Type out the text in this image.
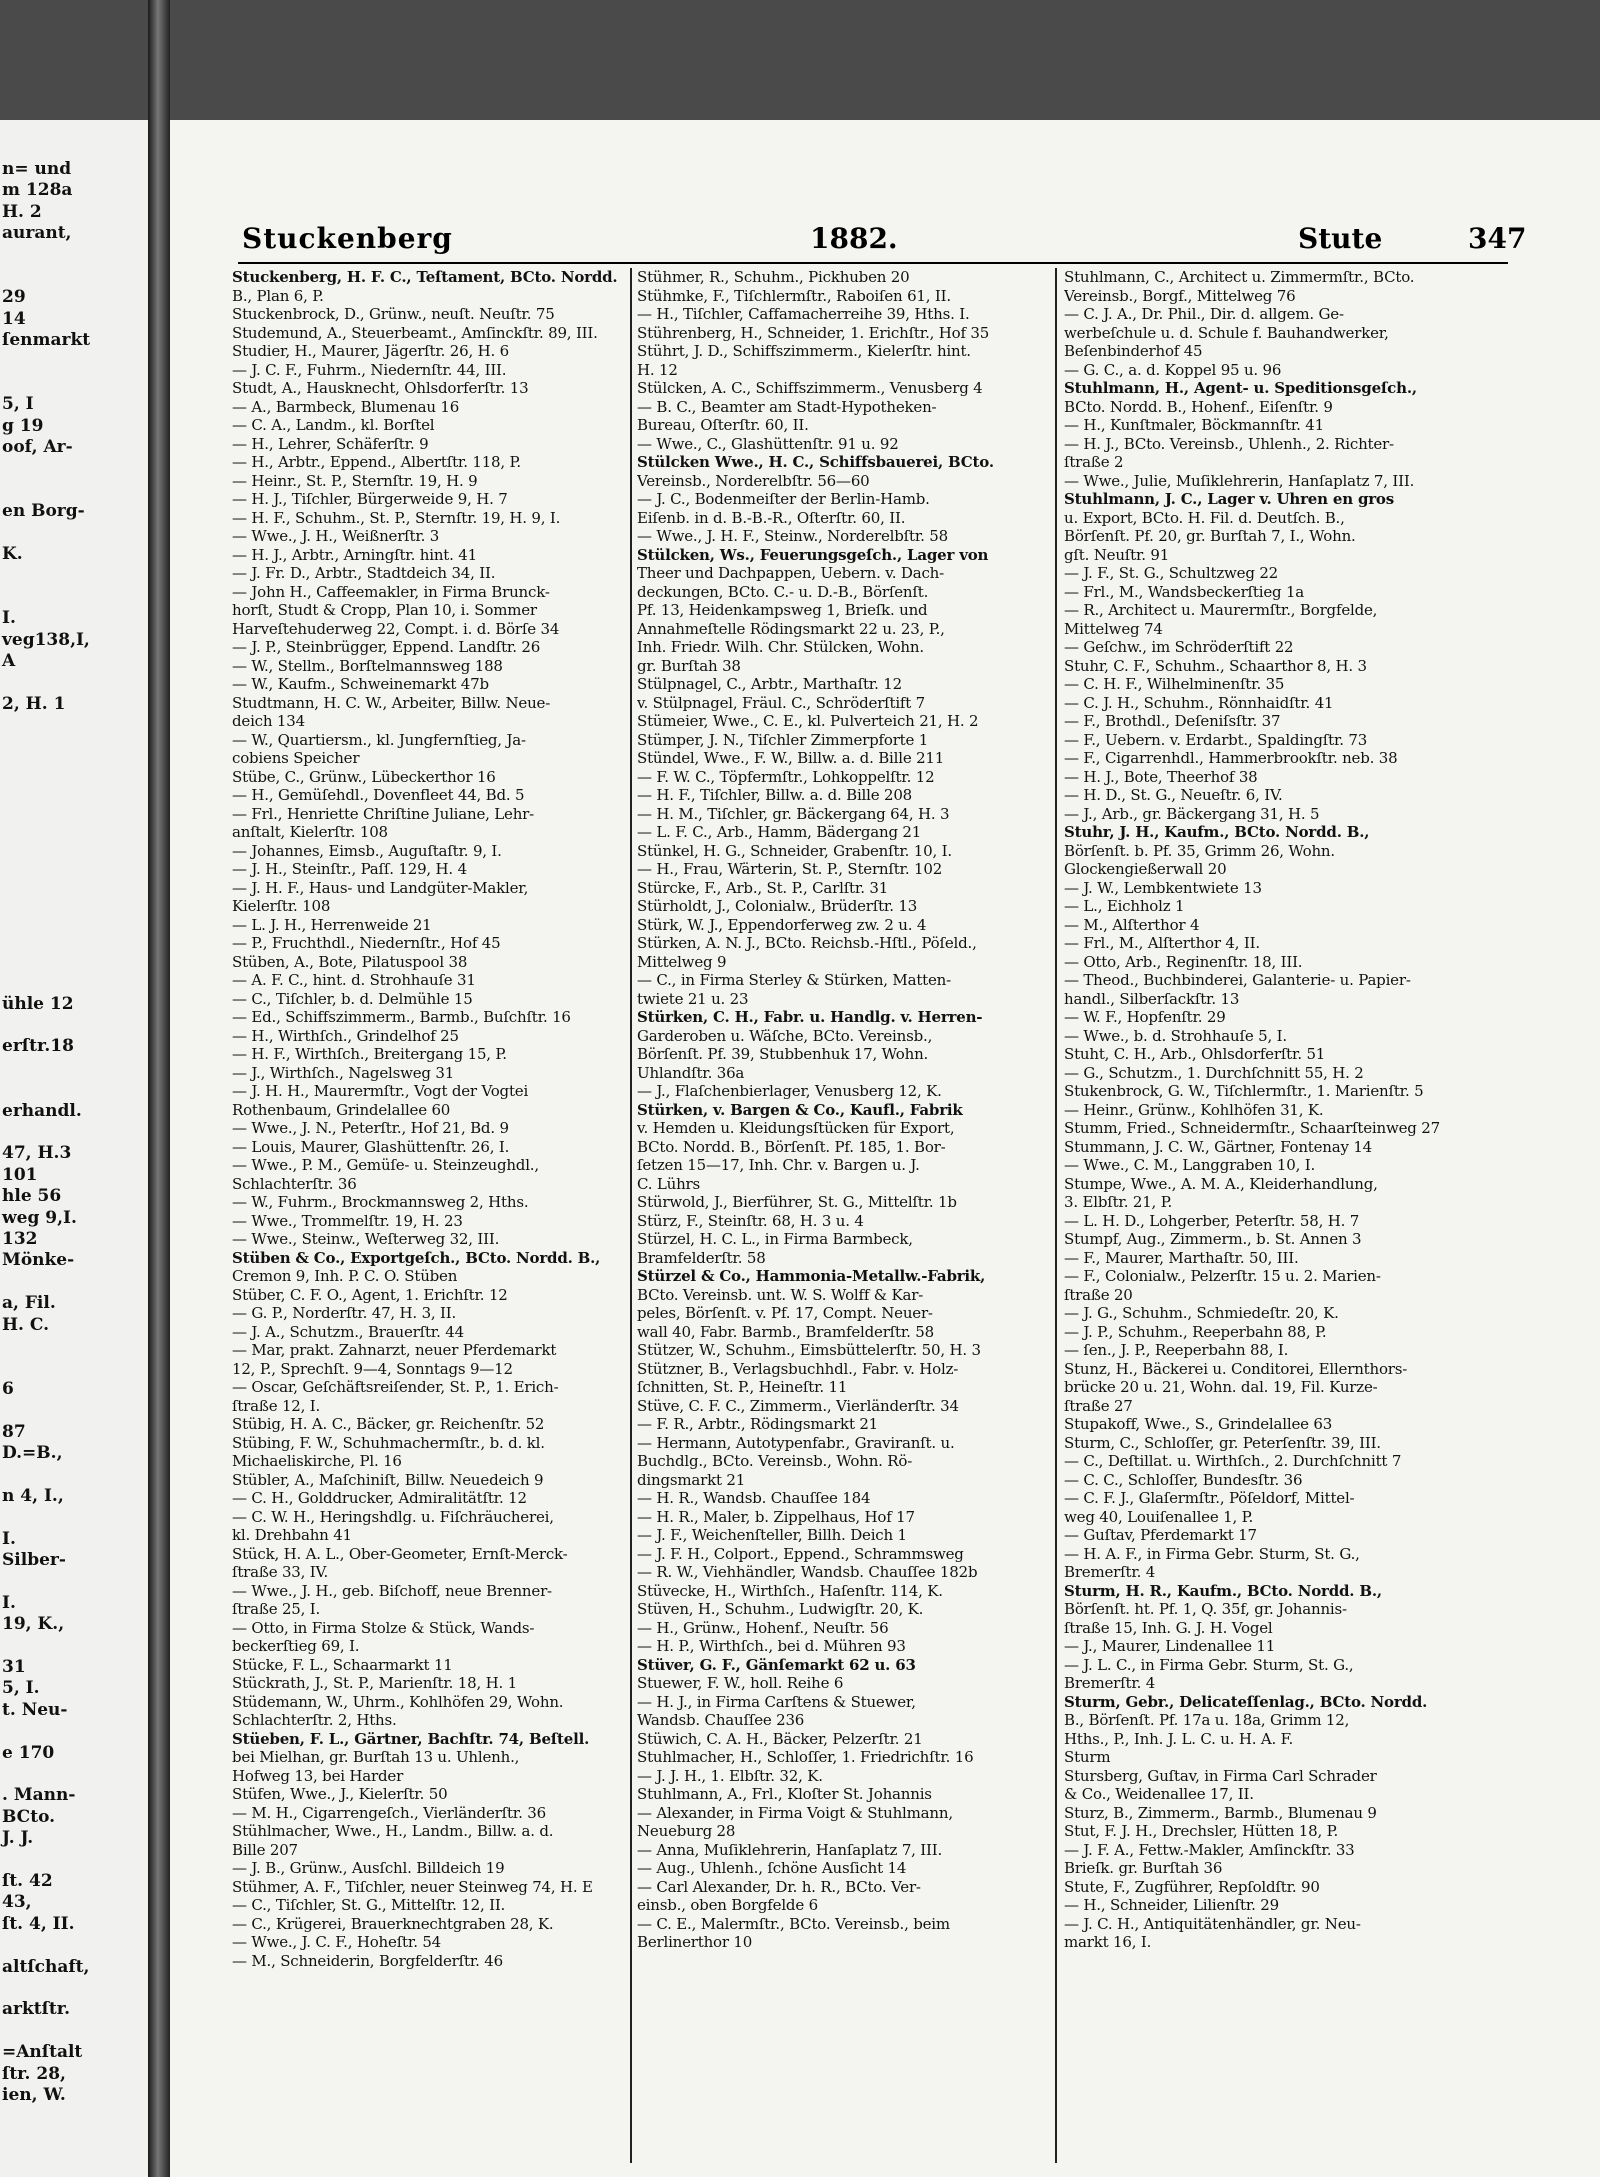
n= und
m 128a
H. 2
aurant,
29
14
ſenmarkt
5, I
g 19
oof, Ar-
en Borg-
K.
I.
veg138,I,
A
2, H. 1
ühle 12
erſtr.18
erhandl.
47, H.3
101
hle 56
weg 9,I.
132
Mönke-
a, Fil.
H. C.
6
87
D.=B.,
n 4, I.,
I.
Silber-
I.
19, K.,
31
5, I.
t. Neu-
e 170
. Mann-
BCto.
J. J.
ſt. 42
43,
ſt. 4, II.
altſchaft,
arktſtr.
=Anſtalt
ſtr. 28,
ien, W.
Stuckenberg	1882.	Stute	347
Stuckenberg, H. F. C., Teſtament, BCto. Nordd.
B., Plan 6, P.
Stuckenbrock, D., Grünw., neuſt. Neuſtr. 75
Studemund, A., Steuerbeamt., Amſinckſtr. 89, III.
Studier, H., Maurer, Jägerſtr. 26, H. 6
— J. C. F., Fuhrm., Niedernſtr. 44, III.
Studt, A., Hausknecht, Ohlsdorferſtr. 13
— A., Barmbeck, Blumenau 16
— C. A., Landm., kl. Borſtel
— H., Lehrer, Schäferſtr. 9
— H., Arbtr., Eppend., Albertſtr. 118, P.
— Heinr., St. P., Sternſtr. 19, H. 9
— H. J., Tiſchler, Bürgerweide 9, H. 7
— H. F., Schuhm., St. P., Sternſtr. 19, H. 9, I.
— Wwe., J. H., Weißnerſtr. 3
— H. J., Arbtr., Arningſtr. hint. 41
— J. Fr. D., Arbtr., Stadtdeich 34, II.
— John H., Caffeemakler, in Firma Brunck-
horſt, Studt & Cropp, Plan 10, i. Sommer
Harveſtehuderweg 22, Compt. i. d. Börſe 34
— J. P., Steinbrügger, Eppend. Landſtr. 26
— W., Stellm., Borſtelmannsweg 188
— W., Kaufm., Schweinemarkt 47b
Studtmann, H. C. W., Arbeiter, Billw. Neue-
deich 134
— W., Quartiersm., kl. Jungfernſtieg, Ja-
cobiens Speicher
Stübe, C., Grünw., Lübeckerthor 16
— H., Gemüſehdl., Dovenfleet 44, Bd. 5
— Frl., Henriette Chriſtine Juliane, Lehr-
anſtalt, Kielerſtr. 108
— Johannes, Eimsb., Auguſtaſtr. 9, I.
— J. H., Steinſtr., Paſſ. 129, H. 4
— J. H. F., Haus- und Landgüter-Makler,
Kielerſtr. 108
— L. J. H., Herrenweide 21
— P., Fruchthdl., Niedernſtr., Hof 45
Stüben, A., Bote, Pilatuspool 38
— A. F. C., hint. d. Strohhauſe 31
— C., Tiſchler, b. d. Delmühle 15
— Ed., Schiffszimmerm., Barmb., Buſchſtr. 16
— H., Wirthſch., Grindelhof 25
— H. F., Wirthſch., Breitergang 15, P.
— J., Wirthſch., Nagelsweg 31
— J. H. H., Maurermſtr., Vogt der Vogtei
Rothenbaum, Grindelallee 60
— Wwe., J. N., Peterſtr., Hof 21, Bd. 9
— Louis, Maurer, Glashüttenſtr. 26, I.
— Wwe., P. M., Gemüſe- u. Steinzeughdl.,
Schlachterſtr. 36
— W., Fuhrm., Brockmannsweg 2, Hths.
— Wwe., Trommelſtr. 19, H. 23
— Wwe., Steinw., Weſterweg 32, III.
Stüben & Co., Exportgeſch., BCto. Nordd. B.,
Cremon 9, Inh. P. C. O. Stüben
Stüber, C. F. O., Agent, 1. Erichſtr. 12
— G. P., Norderſtr. 47, H. 3, II.
— J. A., Schutzm., Brauerſtr. 44
— Mar, prakt. Zahnarzt, neuer Pferdemarkt
12, P., Sprechſt. 9—4, Sonntags 9—12
— Oscar, Geſchäftsreiſender, St. P., 1. Erich-
ſtraße 12, I.
Stübig, H. A. C., Bäcker, gr. Reichenſtr. 52
Stübing, F. W., Schuhmachermſtr., b. d. kl.
Michaeliskirche, Pl. 16
Stübler, A., Maſchiniſt, Billw. Neuedeich 9
— C. H., Golddrucker, Admiralitätſtr. 12
— C. W. H., Heringshdlg. u. Fiſchräucherei,
kl. Drehbahn 41
Stück, H. A. L., Ober-Geometer, Ernſt-Merck-
ſtraße 33, IV.
— Wwe., J. H., geb. Biſchoff, neue Brenner-
ſtraße 25, I.
— Otto, in Firma Stolze & Stück, Wands-
beckerſtieg 69, I.
Stücke, F. L., Schaarmarkt 11
Stückrath, J., St. P., Marienſtr. 18, H. 1
Stüdemann, W., Uhrm., Kohlhöfen 29, Wohn.
Schlachterſtr. 2, Hths.
Stüeben, F. L., Gärtner, Bachſtr. 74, Beſtell.
bei Mielhan, gr. Burſtah 13 u. Uhlenh.,
Hofweg 13, bei Harder
Stüfen, Wwe., J., Kielerſtr. 50
— M. H., Cigarrengeſch., Vierländerſtr. 36
Stühlmacher, Wwe., H., Landm., Billw. a. d.
Bille 207
— J. B., Grünw., Ausſchl. Billdeich 19
Stühmer, A. F., Tiſchler, neuer Steinweg 74, H. E
— C., Tiſchler, St. G., Mittelſtr. 12, II.
— C., Krügerei, Brauerknechtgraben 28, K.
— Wwe., J. C. F., Hoheſtr. 54
— M., Schneiderin, Borgfelderſtr. 46
Stühmer, R., Schuhm., Pickhuben 20
Stühmke, F., Tiſchlermſtr., Raboiſen 61, II.
— H., Tiſchler, Caffamacherreihe 39, Hths. I.
Stührenberg, H., Schneider, 1. Erichſtr., Hof 35
Stührt, J. D., Schiffszimmerm., Kielerſtr. hint.
H. 12
Stülcken, A. C., Schiffszimmerm., Venusberg 4
— B. C., Beamter am Stadt-Hypotheken-
Bureau, Oſterſtr. 60, II.
— Wwe., C., Glashüttenſtr. 91 u. 92
Stülcken Wwe., H. C., Schiffsbauerei, BCto.
Vereinsb., Norderelbſtr. 56—60
— J. C., Bodenmeiſter der Berlin-Hamb.
Eiſenb. in d. B.-B.-R., Oſterſtr. 60, II.
— Wwe., J. H. F., Steinw., Norderelbſtr. 58
Stülcken, Ws., Feuerungsgeſch., Lager von
Theer und Dachpappen, Uebern. v. Dach-
deckungen, BCto. C.- u. D.-B., Börſenſt.
Pf. 13, Heidenkampsweg 1, Brieſk. und
Annahmeſtelle Rödingsmarkt 22 u. 23, P.,
Inh. Friedr. Wilh. Chr. Stülcken, Wohn.
gr. Burſtah 38
Stülpnagel, C., Arbtr., Marthaſtr. 12
v. Stülpnagel, Fräul. C., Schröderſtift 7
Stümeier, Wwe., C. E., kl. Pulverteich 21, H. 2
Stümper, J. N., Tiſchler Zimmerpforte 1
Stündel, Wwe., F. W., Billw. a. d. Bille 211
— F. W. C., Töpfermſtr., Lohkoppelſtr. 12
— H. F., Tiſchler, Billw. a. d. Bille 208
— H. M., Tiſchler, gr. Bäckergang 64, H. 3
— L. F. C., Arb., Hamm, Bädergang 21
Stünkel, H. G., Schneider, Grabenſtr. 10, I.
— H., Frau, Wärterin, St. P., Sternſtr. 102
Stürcke, F., Arb., St. P., Carlſtr. 31
Stürholdt, J., Colonialw., Brüderſtr. 13
Stürk, W. J., Eppendorferweg zw. 2 u. 4
Stürken, A. N. J., BCto. Reichsb.-Hſtl., Pöſeld.,
Mittelweg 9
— C., in Firma Sterley & Stürken, Matten-
twiete 21 u. 23
Stürken, C. H., Fabr. u. Handlg. v. Herren-
Garderoben u. Wäſche, BCto. Vereinsb.,
Börſenſt. Pf. 39, Stubbenhuk 17, Wohn.
Uhlandſtr. 36a
— J., Flaſchenbierlager, Venusberg 12, K.
Stürken, v. Bargen & Co., Kaufl., Fabrik
v. Hemden u. Kleidungsſtücken für Export,
BCto. Nordd. B., Börſenſt. Pf. 185, 1. Bor-
ſetzen 15—17, Inh. Chr. v. Bargen u. J.
C. Lührs
Stürwold, J., Bierführer, St. G., Mittelſtr. 1b
Stürz, F., Steinſtr. 68, H. 3 u. 4
Stürzel, H. C. L., in Firma Barmbeck,
Bramfelderſtr. 58
Stürzel & Co., Hammonia-Metallw.-Fabrik,
BCto. Vereinsb. unt. W. S. Wolff & Kar-
peles, Börſenſt. v. Pf. 17, Compt. Neuer-
wall 40, Fabr. Barmb., Bramfelderſtr. 58
Stützer, W., Schuhm., Eimsbüttelerſtr. 50, H. 3
Stützner, B., Verlagsbuchhdl., Fabr. v. Holz-
ſchnitten, St. P., Heineſtr. 11
Stüve, C. F. C., Zimmerm., Vierländerſtr. 34
— F. R., Arbtr., Rödingsmarkt 21
— Hermann, Autotypenfabr., Graviranſt. u.
Buchdlg., BCto. Vereinsb., Wohn. Rö-
dingsmarkt 21
— H. R., Wandsb. Chauſſee 184
— H. R., Maler, b. Zippelhaus, Hof 17
— J. F., Weichenſteller, Billh. Deich 1
— J. F. H., Colport., Eppend., Schrammsweg
— R. W., Viehhändler, Wandsb. Chauſſee 182b
Stüvecke, H., Wirthſch., Haſenſtr. 114, K.
Stüven, H., Schuhm., Ludwigſtr. 20, K.
— H., Grünw., Hohenf., Neuſtr. 56
— H. P., Wirthſch., bei d. Mühren 93
Stüver, G. F., Gänſemarkt 62 u. 63
Stuewer, F. W., holl. Reihe 6
— H. J., in Firma Carſtens & Stuewer,
Wandsb. Chauſſee 236
Stüwich, C. A. H., Bäcker, Pelzerſtr. 21
Stuhlmacher, H., Schloſſer, 1. Friedrichſtr. 16
— J. J. H., 1. Elbſtr. 32, K.
Stuhlmann, A., Frl., Kloſter St. Johannis
— Alexander, in Firma Voigt & Stuhlmann,
Neueburg 28
— Anna, Muſiklehrerin, Hanſaplatz 7, III.
— Aug., Uhlenh., ſchöne Ausſicht 14
— Carl Alexander, Dr. h. R., BCto. Ver-
einsb., oben Borgfelde 6
— C. E., Malermſtr., BCto. Vereinsb., beim
Berlinerthor 10
Stuhlmann, C., Architect u. Zimmermſtr., BCto.
Vereinsb., Borgf., Mittelweg 76
— C. J. A., Dr. Phil., Dir. d. allgem. Ge-
werbeſchule u. d. Schule f. Bauhandwerker,
Beſenbinderhof 45
— G. C., a. d. Koppel 95 u. 96
Stuhlmann, H., Agent- u. Speditionsgeſch.,
BCto. Nordd. B., Hohenf., Eiſenſtr. 9
— H., Kunſtmaler, Böckmannſtr. 41
— H. J., BCto. Vereinsb., Uhlenh., 2. Richter-
ſtraße 2
— Wwe., Julie, Muſiklehrerin, Hanſaplatz 7, III.
Stuhlmann, J. C., Lager v. Uhren en gros
u. Export, BCto. H. Fil. d. Deutſch. B.,
Börſenſt. Pf. 20, gr. Burſtah 7, I., Wohn.
gſt. Neuſtr. 91
— J. F., St. G., Schultzweg 22
— Frl., M., Wandsbeckerſtieg 1a
— R., Architect u. Maurermſtr., Borgfelde,
Mittelweg 74
— Geſchw., im Schröderſtift 22
Stuhr, C. F., Schuhm., Schaarthor 8, H. 3
— C. H. F., Wilhelminenſtr. 35
— C. J. H., Schuhm., Rönnhaidſtr. 41
— F., Brothdl., Deſeniſsſtr. 37
— F., Uebern. v. Erdarbt., Spaldingſtr. 73
— F., Cigarrenhdl., Hammerbrookſtr. neb. 38
— H. J., Bote, Theerhof 38
— H. D., St. G., Neueſtr. 6, IV.
— J., Arb., gr. Bäckergang 31, H. 5
Stuhr, J. H., Kaufm., BCto. Nordd. B.,
Börſenſt. b. Pf. 35, Grimm 26, Wohn.
Glockengießerwall 20
— J. W., Lembkentwiete 13
— L., Eichholz 1
— M., Alſterthor 4
— Frl., M., Alſterthor 4, II.
— Otto, Arb., Reginenſtr. 18, III.
— Theod., Buchbinderei, Galanterie- u. Papier-
handl., Silberſackſtr. 13
— W. F., Hopfenſtr. 29
— Wwe., b. d. Strohhauſe 5, I.
Stuht, C. H., Arb., Ohlsdorferſtr. 51
— G., Schutzm., 1. Durchſchnitt 55, H. 2
Stukenbrock, G. W., Tiſchlermſtr., 1. Marienſtr. 5
— Heinr., Grünw., Kohlhöfen 31, K.
Stumm, Fried., Schneidermſtr., Schaarſteinweg 27
Stummann, J. C. W., Gärtner, Fontenay 14
— Wwe., C. M., Langgraben 10, I.
Stumpe, Wwe., A. M. A., Kleiderhandlung,
3. Elbſtr. 21, P.
— L. H. D., Lohgerber, Peterſtr. 58, H. 7
Stumpf, Aug., Zimmerm., b. St. Annen 3
— F., Maurer, Marthaſtr. 50, III.
— F., Colonialw., Pelzerſtr. 15 u. 2. Marien-
ſtraße 20
— J. G., Schuhm., Schmiedeſtr. 20, K.
— J. P., Schuhm., Reeperbahn 88, P.
— ſen., J. P., Reeperbahn 88, I.
Stunz, H., Bäckerei u. Conditorei, Ellernthors-
brücke 20 u. 21, Wohn. dal. 19, Fil. Kurze-
ſtraße 27
Stupakoff, Wwe., S., Grindelallee 63
Sturm, C., Schloſſer, gr. Peterſenſtr. 39, III.
— C., Deſtillat. u. Wirthſch., 2. Durchſchnitt 7
— C. C., Schloſſer, Bundesſtr. 36
— C. F. J., Glaſermſtr., Pöſeldorf, Mittel-
weg 40, Louiſenallee 1, P.
— Guſtav, Pferdemarkt 17
— H. A. F., in Firma Gebr. Sturm, St. G.,
Bremerſtr. 4
Sturm, H. R., Kaufm., BCto. Nordd. B.,
Börſenſt. ht. Pf. 1, Q. 35f, gr. Johannis-
ſtraße 15, Inh. G. J. H. Vogel
— J., Maurer, Lindenallee 11
— J. L. C., in Firma Gebr. Sturm, St. G.,
Bremerſtr. 4
Sturm, Gebr., Delicateſſenlag., BCto. Nordd.
B., Börſenſt. Pf. 17a u. 18a, Grimm 12,
Hths., P., Inh. J. L. C. u. H. A. F.
Sturm
Stursberg, Guſtav, in Firma Carl Schrader
& Co., Weidenallee 17, II.
Sturz, B., Zimmerm., Barmb., Blumenau 9
Stut, F. J. H., Drechsler, Hütten 18, P.
— J. F. A., Fettw.-Makler, Amſinckſtr. 33
Brieſk. gr. Burſtah 36
Stute, F., Zugführer, Repſoldſtr. 90
— H., Schneider, Lilienſtr. 29
— J. C. H., Antiquitätenhändler, gr. Neu-
markt 16, I.
